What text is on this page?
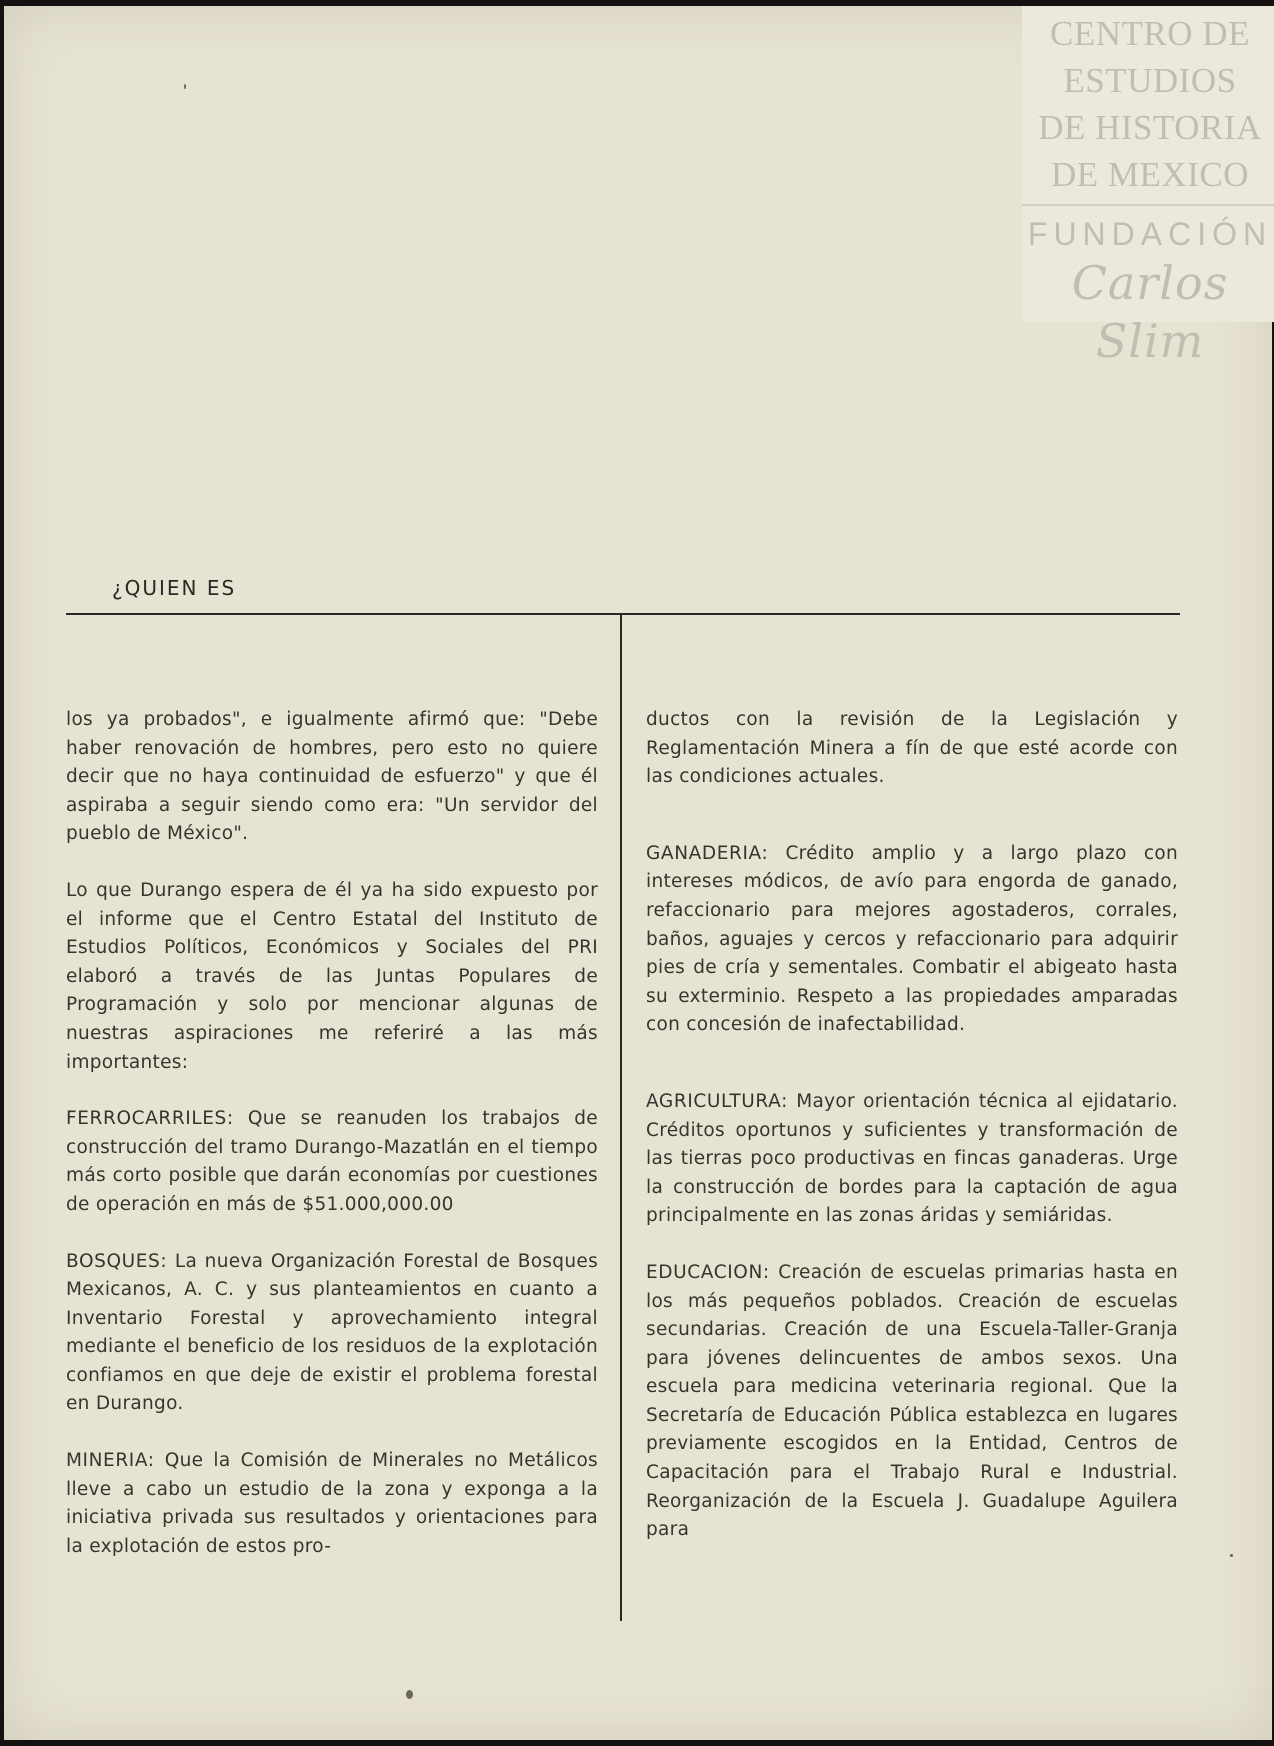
CENTRO DE
ESTUDIOS
DE HISTORIA
DE MEXICO
FUNDACIÓN
Carlos Slim
¿QUIEN ES

los ya probados", e igualmente afirmó que: "Debe haber renovación de hombres, pero esto no quiere decir que no haya continuidad de esfuerzo" y que él aspiraba a seguir siendo como era: "Un servidor del pueblo de México".

Lo que Durango espera de él ya ha sido expuesto por el informe que el Centro Estatal del Instituto de Estudios Políticos, Económicos y Sociales del PRI elaboró a través de las Juntas Populares de Programación y solo por mencionar algunas de nuestras aspiraciones me referiré a las más importantes:

FERROCARRILES: Que se reanuden los trabajos de construcción del tramo Durango-Mazatlán en el tiempo más corto posible que darán economías por cuestiones de operación en más de $51.000,000.00

BOSQUES: La nueva Organización Forestal de Bosques Mexicanos, A. C. y sus planteamientos en cuanto a Inventario Forestal y aprovechamiento integral mediante el beneficio de los residuos de la explotación confiamos en que deje de existir el problema forestal en Durango.

MINERIA: Que la Comisión de Minerales no Metálicos lleve a cabo un estudio de la zona y exponga a la iniciativa privada sus resultados y orientaciones para la explotación de estos pro-

ductos con la revisión de la Legislación y Reglamentación Minera a fín de que esté acorde con las condiciones actuales.

GANADERIA: Crédito amplio y a largo plazo con intereses módicos, de avío para engorda de ganado, refaccionario para mejores agostaderos, corrales, baños, aguajes y cercos y refaccionario para adquirir pies de cría y sementales. Combatir el abigeato hasta su exterminio. Respeto a las propiedades amparadas con concesión de inafectabilidad.

AGRICULTURA: Mayor orientación técnica al ejidatario. Créditos oportunos y suficientes y transformación de las tierras poco productivas en fincas ganaderas. Urge la construcción de bordes para la captación de agua principalmente en las zonas áridas y semiáridas.

EDUCACION: Creación de escuelas primarias hasta en los más pequeños poblados. Creación de escuelas secundarias. Creación de una Escuela-Taller-Granja para jóvenes delincuentes de ambos sexos. Una escuela para medicina veterinaria regional. Que la Secretaría de Educación Pública establezca en lugares previamente escogidos en la Entidad, Centros de Capacitación para el Trabajo Rural e Industrial. Reorganización de la Escuela J. Guadalupe Aguilera para
